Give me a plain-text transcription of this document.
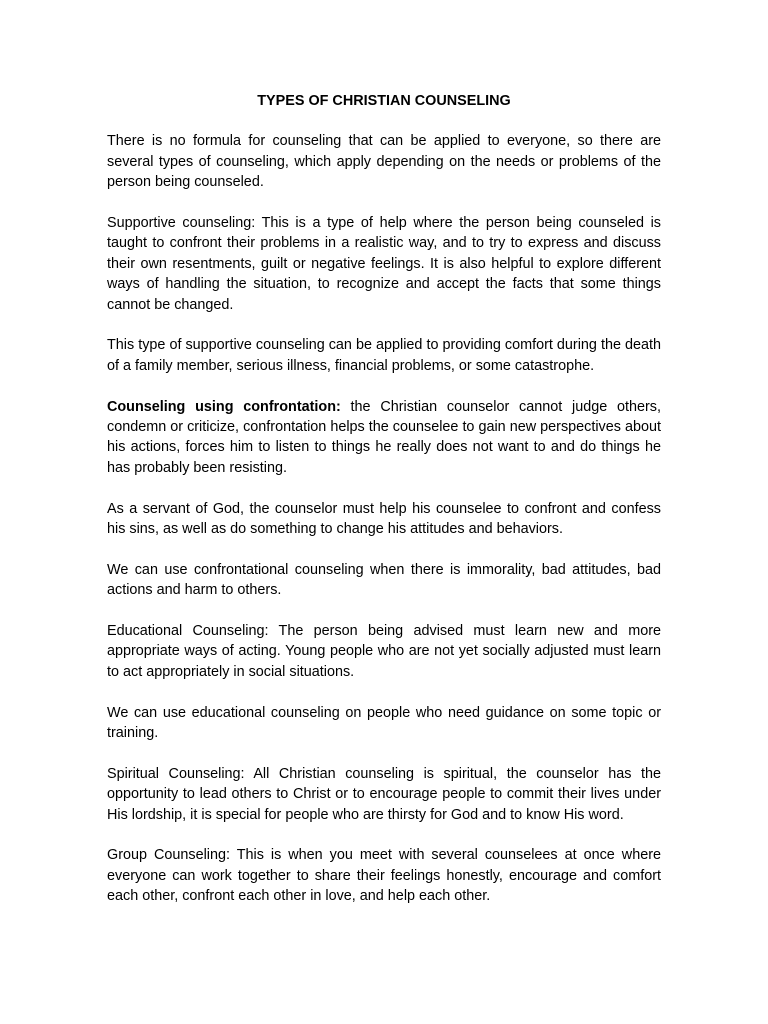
TYPES OF CHRISTIAN COUNSELING

There is no formula for counseling that can be applied to everyone, so there are several types of counseling, which apply depending on the needs or problems of the person being counseled.

Supportive counseling: This is a type of help where the person being counseled is taught to confront their problems in a realistic way, and to try to express and discuss their own resentments, guilt or negative feelings. It is also helpful to explore different ways of handling the situation, to recognize and accept the facts that some things cannot be changed.

This type of supportive counseling can be applied to providing comfort during the death of a family member, serious illness, financial problems, or some catastrophe.

Counseling using confrontation: the Christian counselor cannot judge others, condemn or criticize, confrontation helps the counselee to gain new perspectives about his actions, forces him to listen to things he really does not want to and do things he has probably been resisting.

As a servant of God, the counselor must help his counselee to confront and confess his sins, as well as do something to change his attitudes and behaviors.

We can use confrontational counseling when there is immorality, bad attitudes, bad actions and harm to others.

Educational Counseling: The person being advised must learn new and more appropriate ways of acting. Young people who are not yet socially adjusted must learn to act appropriately in social situations.

We can use educational counseling on people who need guidance on some topic or training.

Spiritual Counseling: All Christian counseling is spiritual, the counselor has the opportunity to lead others to Christ or to encourage people to commit their lives under His lordship, it is special for people who are thirsty for God and to know His word.

Group Counseling: This is when you meet with several counselees at once where everyone can work together to share their feelings honestly, encourage and comfort each other, confront each other in love, and help each other.
